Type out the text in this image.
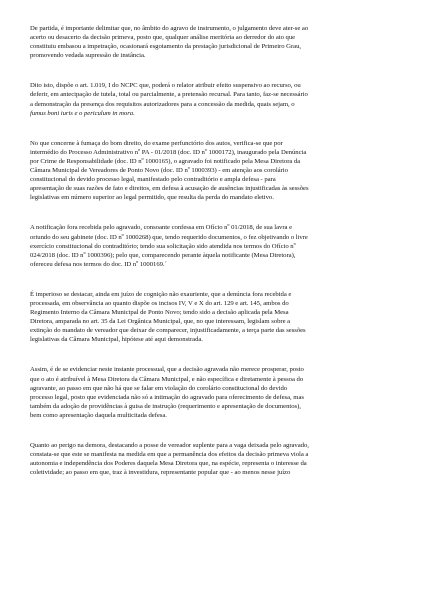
De partida, é importante delimitar que, no âmbito do agravo de instrumento, o julgamento deve ater-se ao
acerto ou desacerto da decisão primeva, posto que, qualquer análise meritória ao derredor do ato que
constituiu embasou a impetração, ocasionará esgotamento da prestação jurisdicional de Primeiro Grau,
promovendo vedada supressão de instância.

Dito isto, dispõe o art. 1.019, I do NCPC que, poderá o relator atribuir efeito suspensivo ao recurso, ou
deferir, em antecipação de tutela, total ou parcialmente, a pretensão recursal. Para tanto, faz-se necessário
a demonstração da presença dos requisitos autorizadores para a concessão da medida, quais sejam, o
fumus boni iuris e o periculum in mora.

No que concerne à fumaça do bom direito, do exame perfunctório dos autos, verifica-se que por
intermédio do Processo Administrativo nº PA - 01/2018 (doc. ID nº 1000172), inaugurado pela Denúncia
por Crime de Responsabilidade (doc. ID nº 1000165), o agravado foi notificado pela Mesa Diretora da
Câmara Municipal de Vereadores de Ponto Novo (doc. ID nº 1000393) - em atenção aos corolário
constitucional do devido processo legal, manifestado pelo contraditório e ampla defesa - para
apresentação de suas razões de fato e direitos, em defesa à acusação de ausências injustificadas às sessões
legislativas em número superior ao legal permitido, que resulta da perda do mandato eletivo.

A notificação fora recebida pelo agravado, consoante confessa em Ofício nº 01/2018, de sua lavra e
oriundo do seu gabinete (doc. ID nº 1000268) que, tendo requerido documentos, o fez objetivando o livre
exercício constitucional do contraditório; tendo sua solicitação sido atendida nos termos do Ofício nº
024/2018 (doc. ID nº 1000396); pelo que, comparecendo perante àquela notificante (Mesa Diretora),
ofereceu defesa nos termos do doc. ID nº 1000169.´

É imperioso se destacar, ainda em juízo de cognição não exauriente, que a denúncia fora recebida e
processada, em observância ao quanto dispõe os incisos IV, V e X do art. 129 e art. 145, ambos do
Regimento Interno da Câmara Municipal de Ponto Novo; tendo sido a decisão aplicada pela Mesa
Diretora, amparada no art. 35 da Lei Orgânica Municipal, que, no que interessam, legislam sobre a
extinção do mandato de vereador que deixar de comparecer, injustificadamente, a terça parte das sessões
legislativas da Câmara Municipal, hipótese até aqui demonstrada.

Assim, é de se evidenciar neste instante processual, que a decisão agravada não merece prosperar, posto
que o ato é atribuível à Mesa Diretora da Câmara Municipal, e não específica e diretamente à pessoa do
agravante, ao passo em que não há que se falar em violação do corolário constitucional do devido
processo legal, posto que evidenciada não só a intimação do agravado para oferecimento de defesa, mas
também da adoção de providências à guisa de instrução (requerimento e apresentação de documentos),
bem como apresentação daquela multicitada defesa.

Quanto ao perigo na demora, destacando a posse de vereador suplente para a vaga deixada pelo agravado,
constata-se que este se manifesta na medida em que a permanência dos efeitos da decisão primeva viola a
autonomia e independência dos Poderes daquela Mesa Diretora que, na espécie, representa o interesse da
coletividade; ao passo em que, traz à investidura, representante popular que - ao menos nesse juízo
